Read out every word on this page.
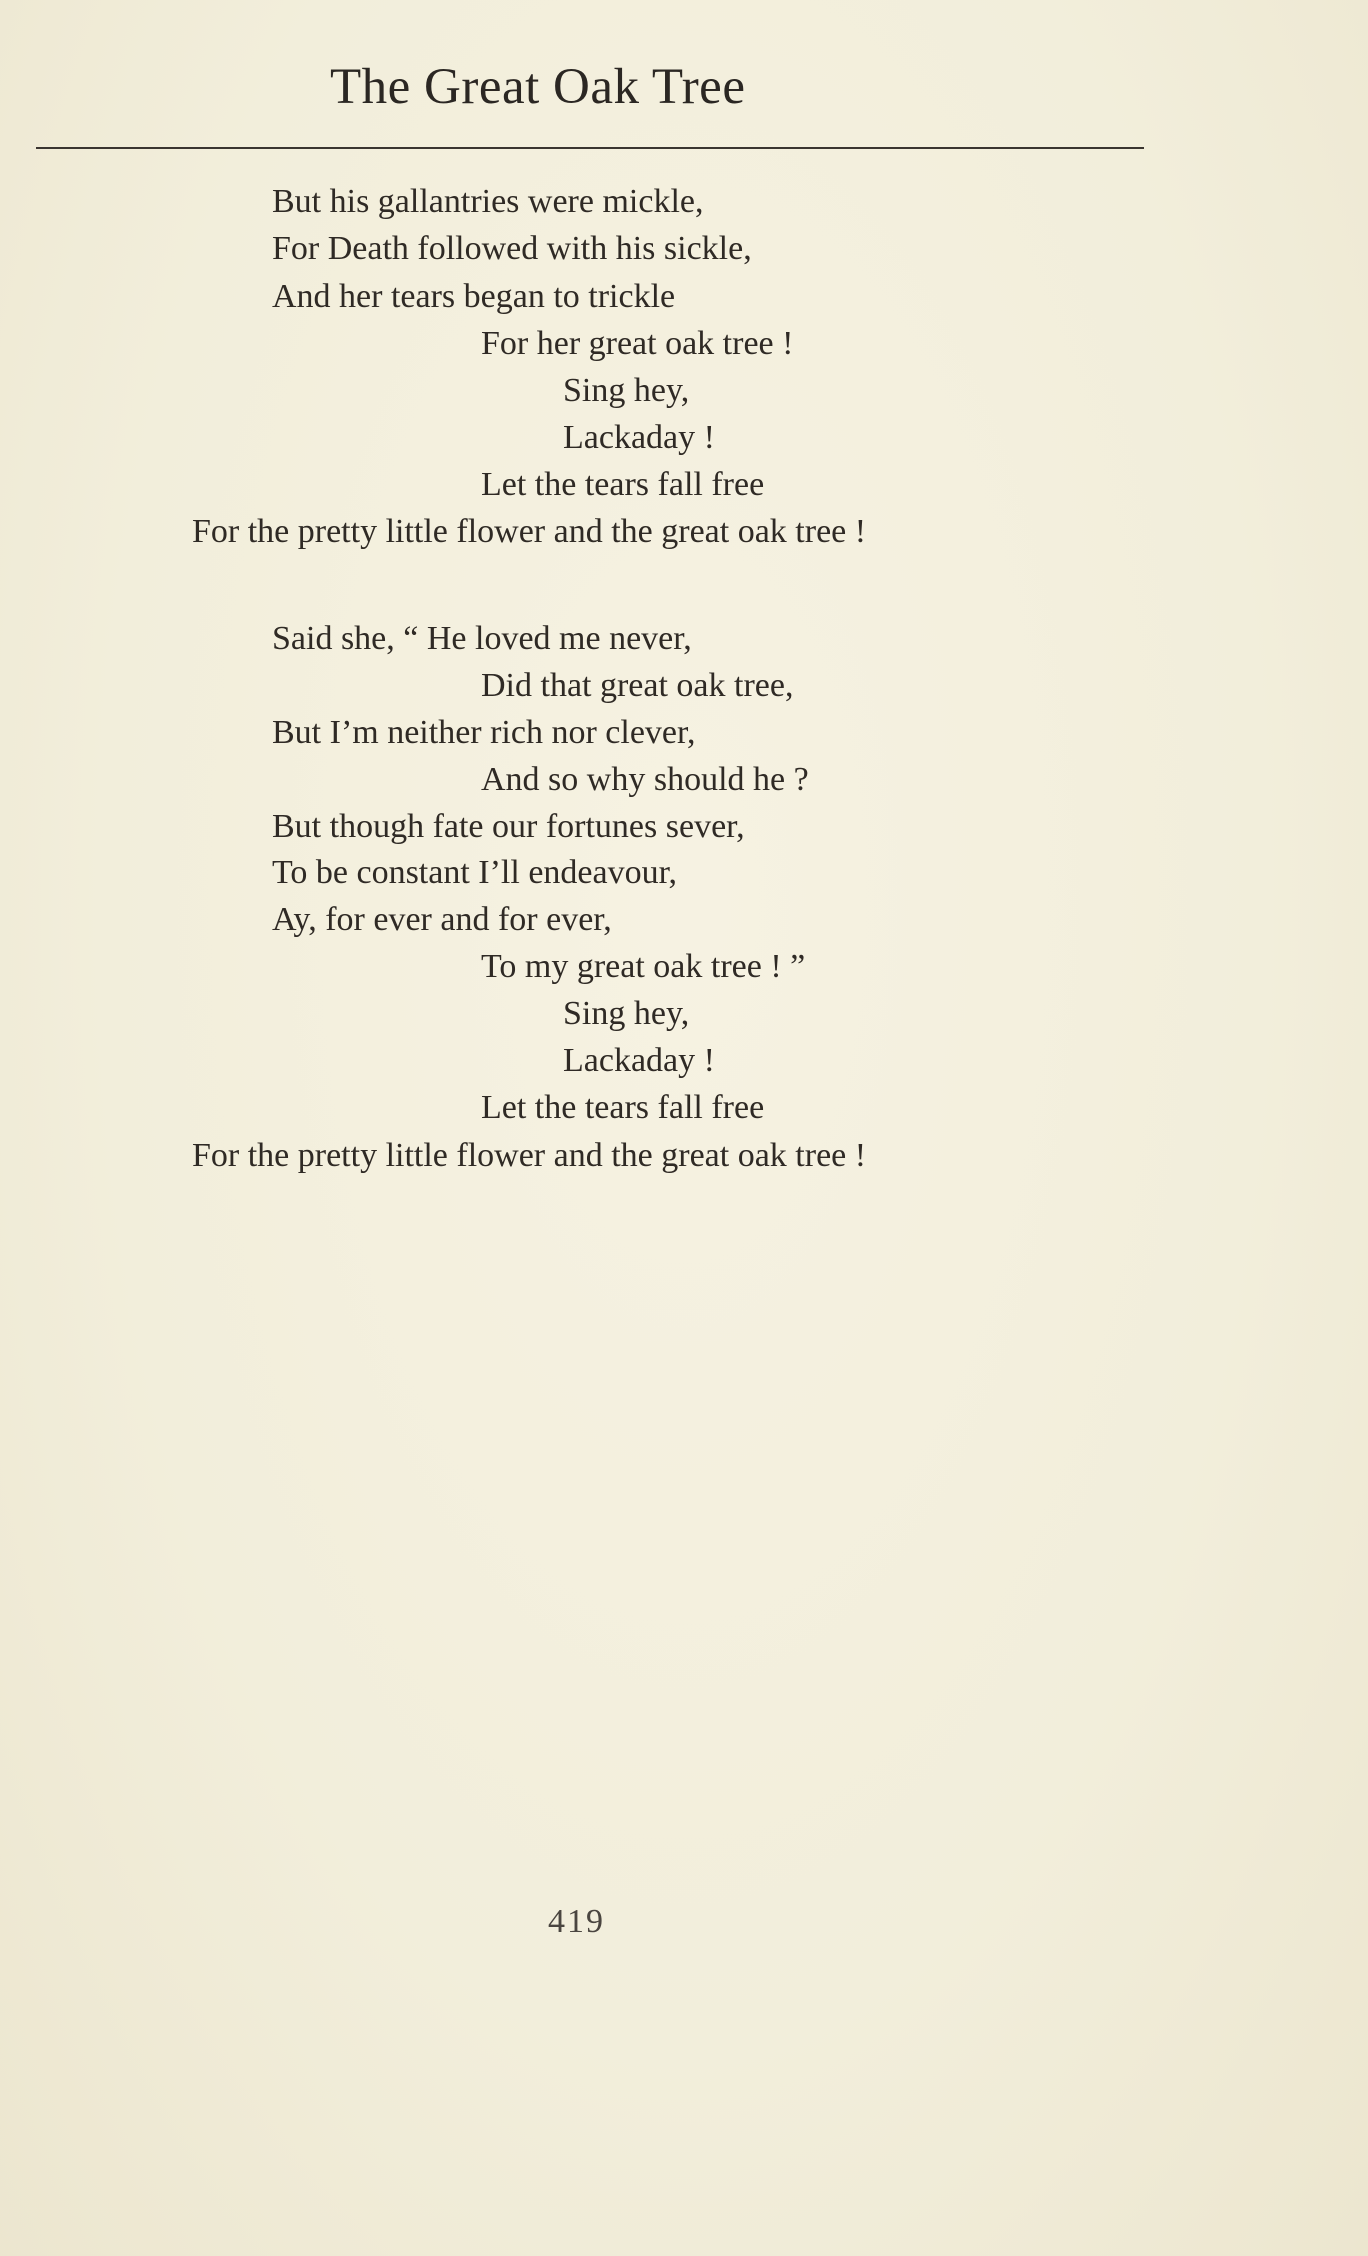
The Great Oak Tree
But his gallantries were mickle,
For Death followed with his sickle,
And her tears began to trickle
For her great oak tree !
Sing hey,
Lackaday !
Let the tears fall free
For the pretty little flower and the great oak tree !
Said she, “ He loved me never,
Did that great oak tree,
But I’m neither rich nor clever,
And so why should he ?
But though fate our fortunes sever,
To be constant I’ll endeavour,
Ay, for ever and for ever,
To my great oak tree ! ”
Sing hey,
Lackaday !
Let the tears fall free
For the pretty little flower and the great oak tree !
419
